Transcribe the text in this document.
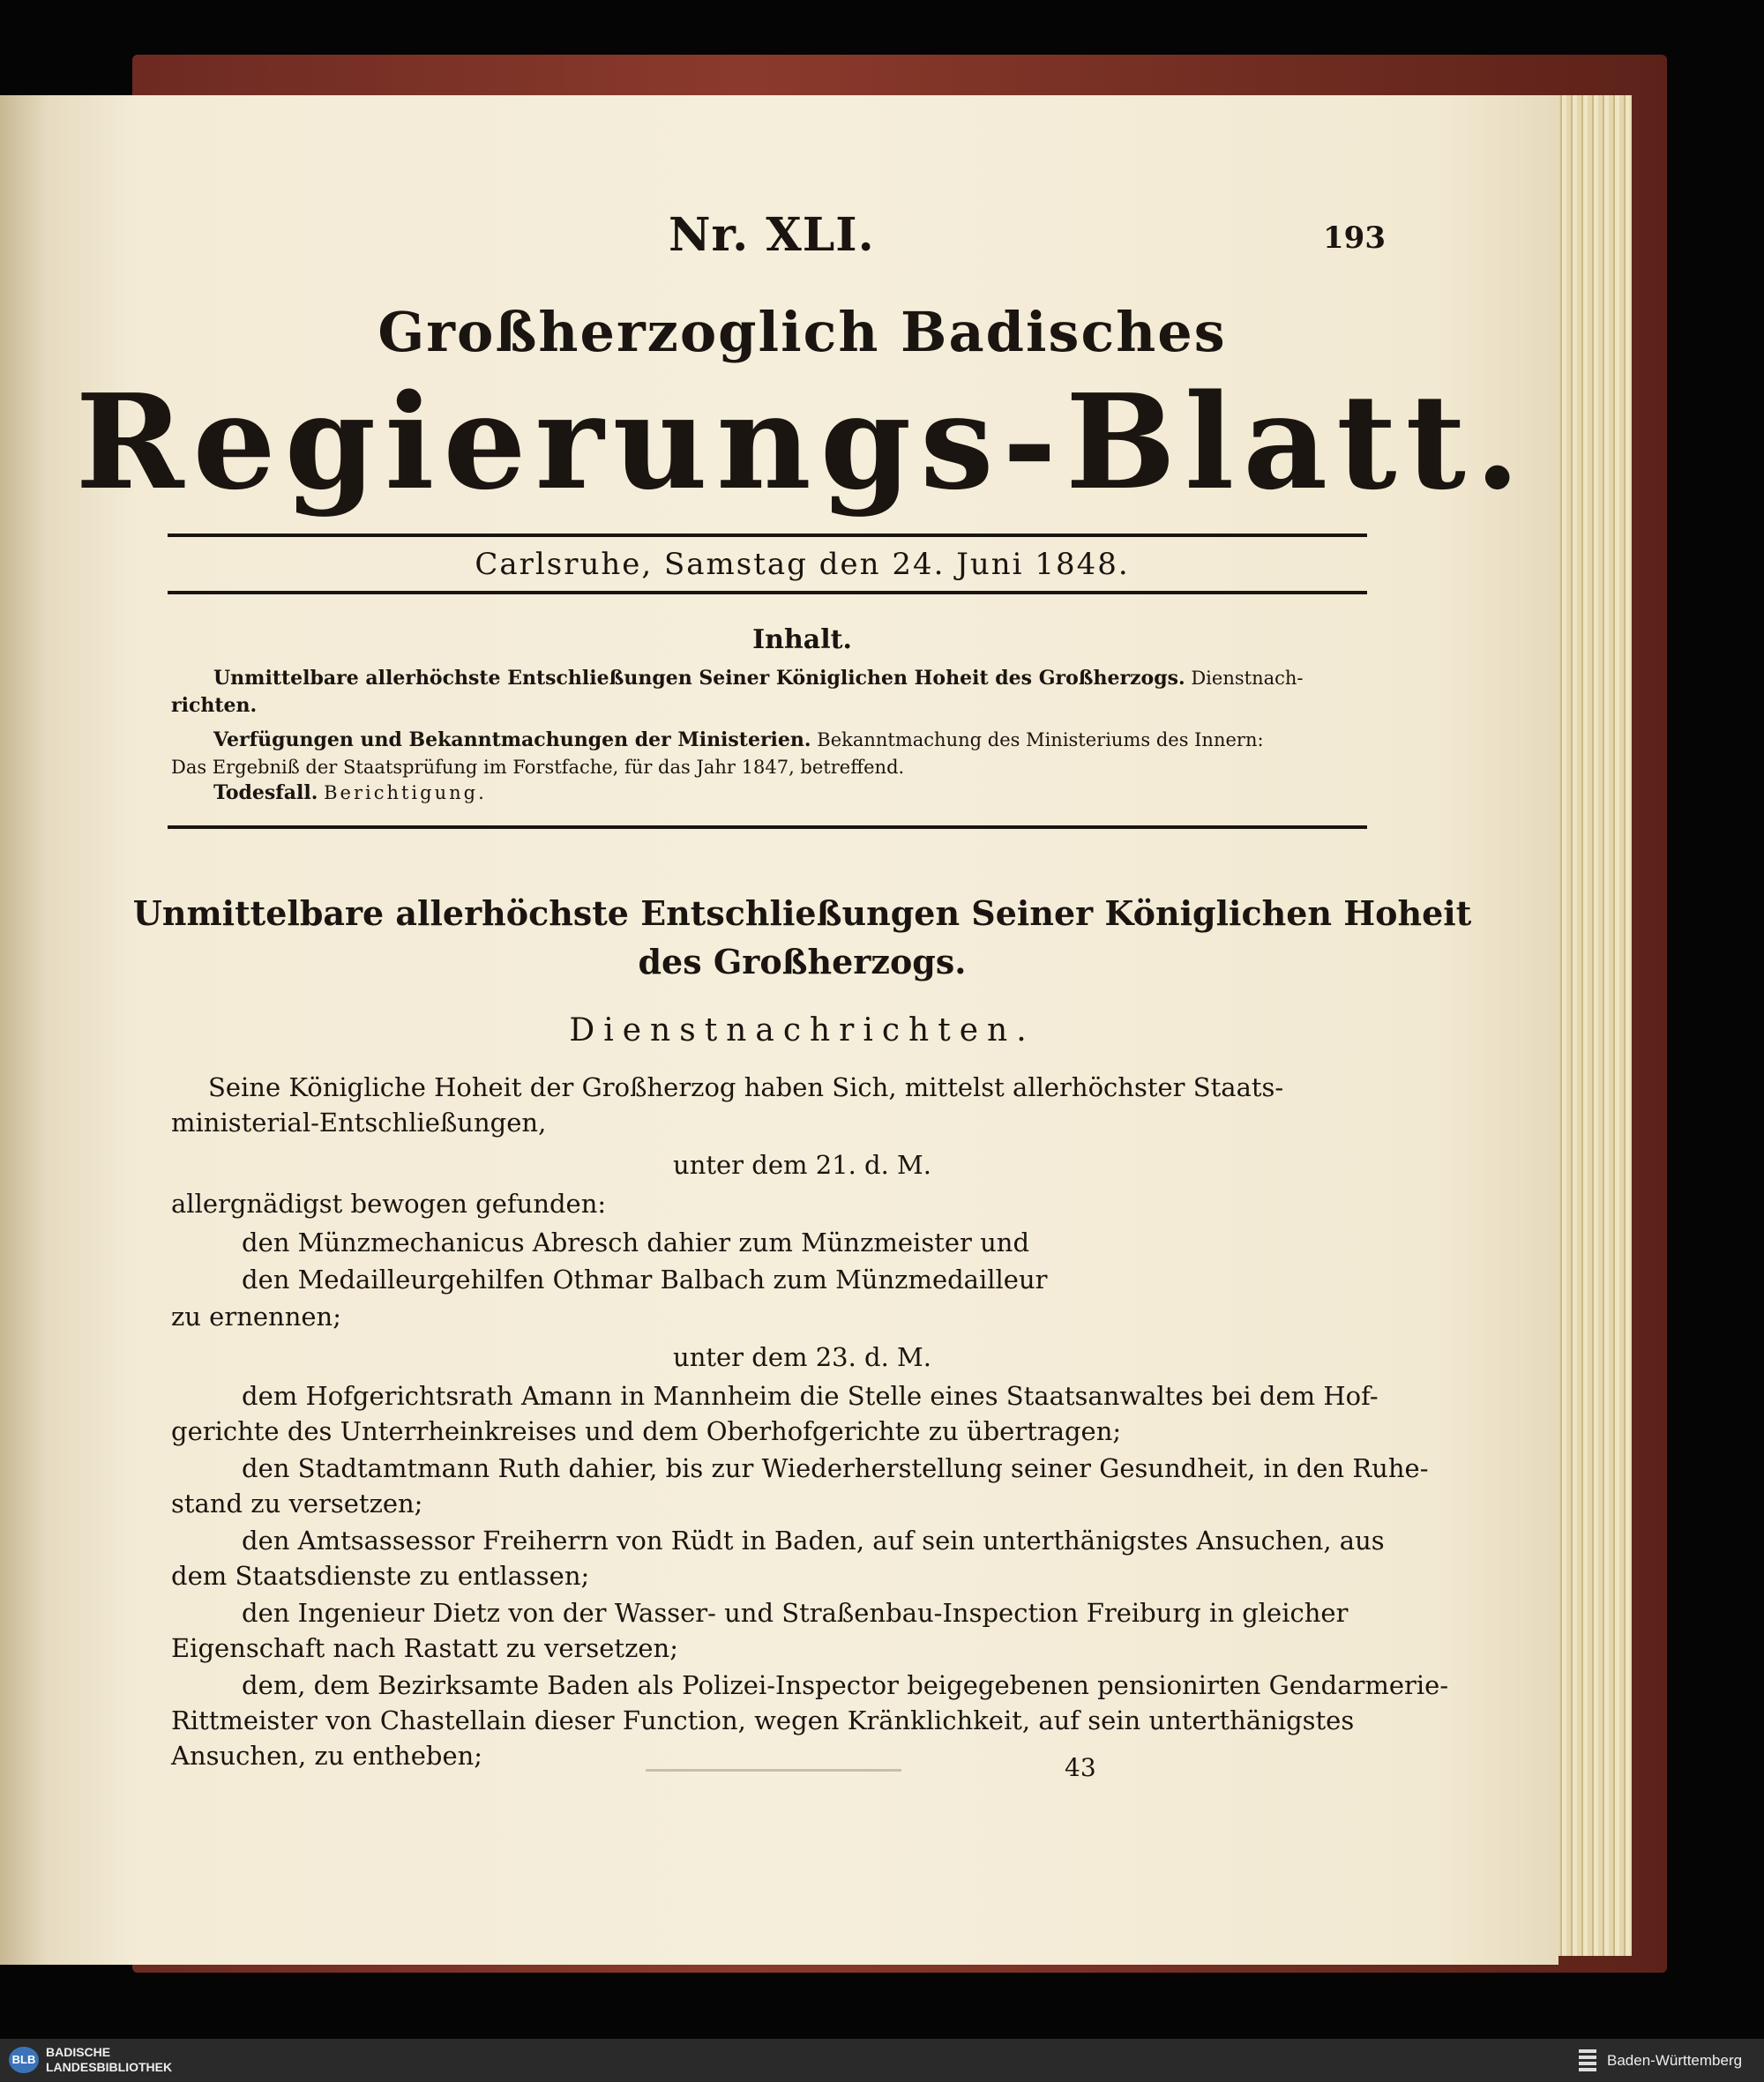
Nr. XLI.	193
Großherzoglich Badisches
Regierungs-Blatt.
Carlsruhe, Samstag den 24. Juni 1848.
Inhalt.
Unmittelbare allerhöchste Entschließungen Seiner Königlichen Hoheit des Großherzogs. Dienstnach-
richten.
Verfügungen und Bekanntmachungen der Ministerien. Bekanntmachung des Ministeriums des Innern:
Das Ergebniß der Staatsprüfung im Forstfache, für das Jahr 1847, betreffend.
Todesfall. Berichtigung.
Unmittelbare allerhöchste Entschließungen Seiner Königlichen Hoheit
des Großherzogs.
Dienstnachrichten.
Seine Königliche Hoheit der Großherzog haben Sich, mittelst allerhöchster Staats-
ministerial-Entschließungen,
unter dem 21. d. M.
allergnädigst bewogen gefunden:
den Münzmechanicus Abresch dahier zum Münzmeister und
den Medailleurgehilfen Othmar Balbach zum Münzmedailleur
zu ernennen;
unter dem 23. d. M.
dem Hofgerichtsrath Amann in Mannheim die Stelle eines Staatsanwaltes bei dem Hof-
gerichte des Unterrheinkreises und dem Oberhofgerichte zu übertragen;
den Stadtamtmann Ruth dahier, bis zur Wiederherstellung seiner Gesundheit, in den Ruhe-
stand zu versetzen;
den Amtsassessor Freiherrn von Rüdt in Baden, auf sein unterthänigstes Ansuchen, aus
dem Staatsdienste zu entlassen;
den Ingenieur Dietz von der Wasser- und Straßenbau-Inspection Freiburg in gleicher
Eigenschaft nach Rastatt zu versetzen;
dem, dem Bezirksamte Baden als Polizei-Inspector beigegebenen pensionirten Gendarmerie-
Rittmeister von Chastellain dieser Function, wegen Kränklichkeit, auf sein unterthänigstes
Ansuchen, zu entheben;	43
BLB
BADISCHE
LANDESBIBLIOTHEK	Baden-Württemberg
